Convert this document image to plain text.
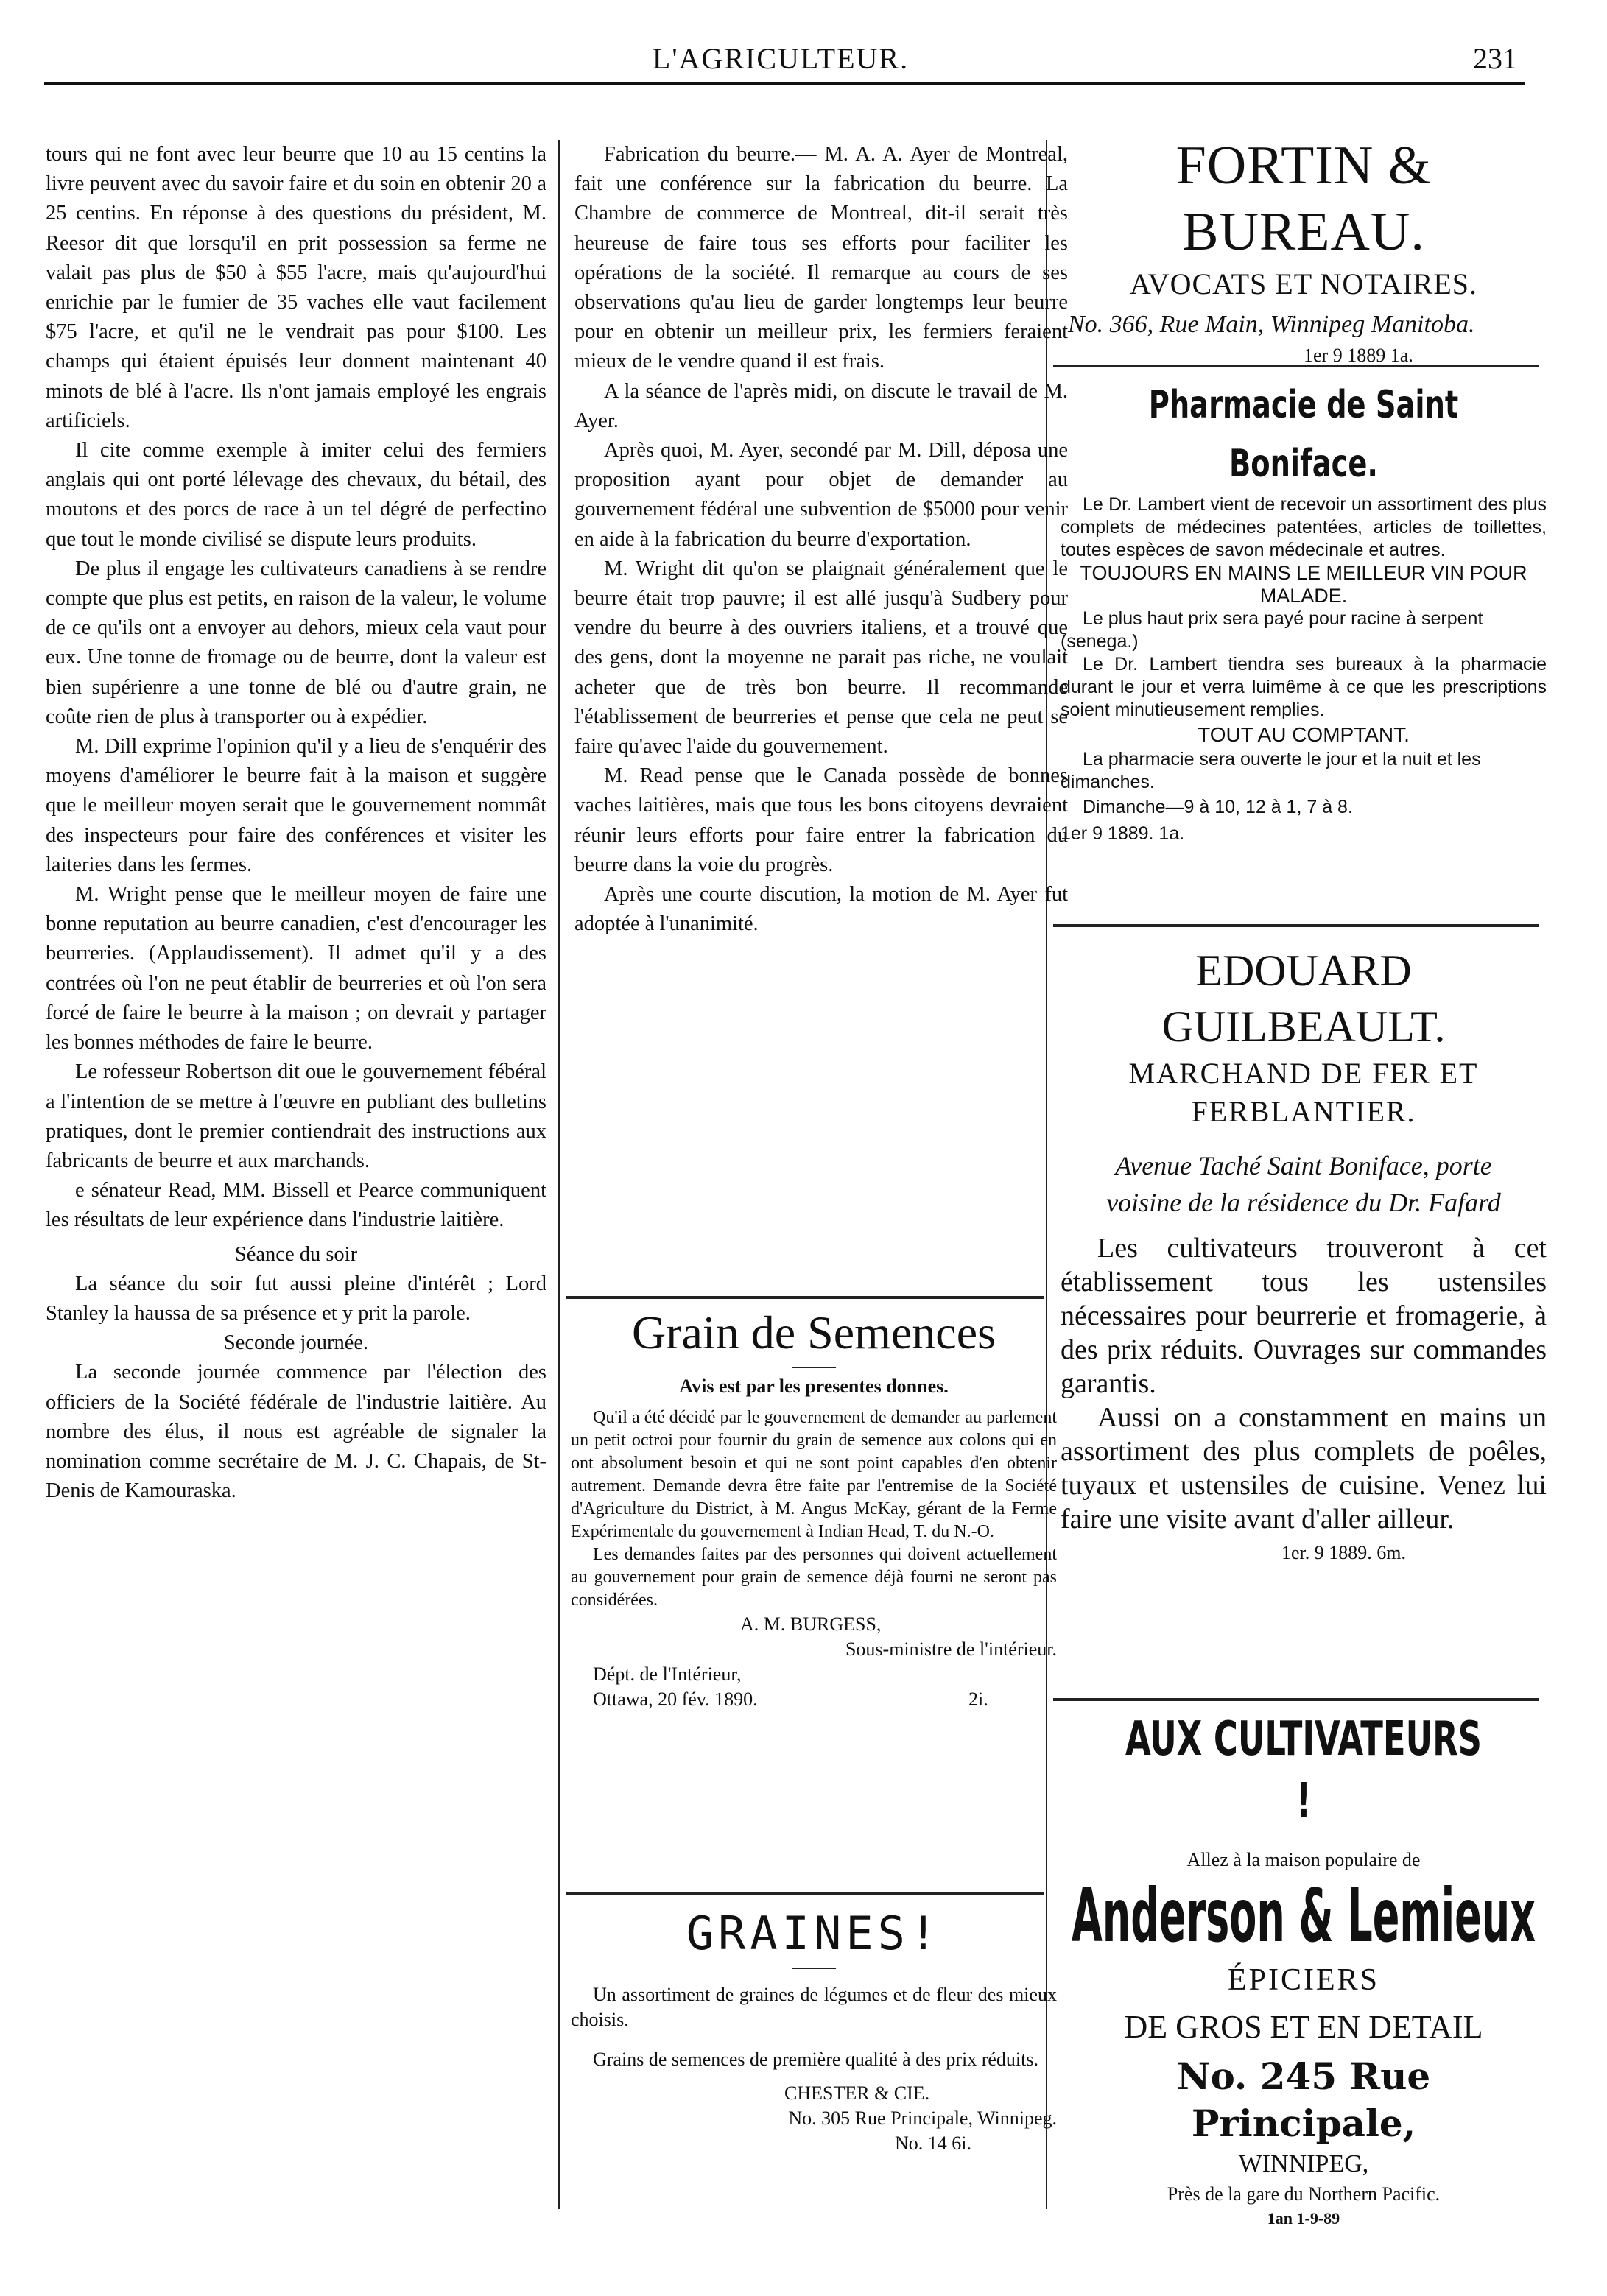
L'AGRICULTEUR.	231

tours qui ne font avec leur beurre que 10 au 15 centins la livre peuvent avec du savoir faire et du soin en obtenir 20 a 25 centins. En réponse à des questions du président, M. Reesor dit que lorsqu'il en prit possession sa ferme ne valait pas plus de $50 à $55 l'acre, mais qu'aujourd'hui enrichie par le fumier de 35 vaches elle vaut facilement $75 l'acre, et qu'il ne le vendrait pas pour $100. Les champs qui étaient épuisés leur donnent maintenant 40 minots de blé à l'acre. Ils n'ont jamais employé les engrais artificiels.

Il cite comme exemple à imiter celui des fermiers anglais qui ont porté lélevage des chevaux, du bétail, des moutons et des porcs de race à un tel dégré de perfectino que tout le monde civilisé se dispute leurs produits.

De plus il engage les cultivateurs canadiens à se rendre compte que plus est petits, en raison de la valeur, le volume de ce qu'ils ont a envoyer au dehors, mieux cela vaut pour eux. Une tonne de fromage ou de beurre, dont la valeur est bien supérienre a une tonne de blé ou d'autre grain, ne coûte rien de plus à transporter ou à expédier.

M. Dill exprime l'opinion qu'il y a lieu de s'enquérir des moyens d'améliorer le beurre fait à la maison et suggère que le meilleur moyen serait que le gouvernement nommât des inspecteurs pour faire des conférences et visiter les laiteries dans les fermes.

M. Wright pense que le meilleur moyen de faire une bonne reputation au beurre canadien, c'est d'encourager les beurreries. (Applaudissement). Il admet qu'il y a des contrées où l'on ne peut établir de beurreries et où l'on sera forcé de faire le beurre à la maison ; on devrait y partager les bonnes méthodes de faire le beurre.

Le rofesseur Robertson dit oue le gouvernement fébéral a l'intention de se mettre à l'œuvre en publiant des bulletins pratiques, dont le premier contiendrait des instructions aux fabricants de beurre et aux marchands.

e sénateur Read, MM. Bissell et Pearce communiquent les résultats de leur expérience dans l'industrie laitière.

Séance du soir

La séance du soir fut aussi pleine d'intérêt ; Lord Stanley la haussa de sa présence et y prit la parole.

Seconde journée.

La seconde journée commence par l'élection des officiers de la Société fédérale de l'industrie laitière. Au nombre des élus, il nous est agréable de signaler la nomination comme secrétaire de M. J. C. Chapais, de St- Denis de Kamouraska.

Fabrication du beurre.— M. A. A. Ayer de Montreal, fait une conférence sur la fabrication du beurre. La Chambre de commerce de Montreal, dit-il serait très heureuse de faire tous ses efforts pour faciliter les opérations de la société. Il remarque au cours de ses observations qu'au lieu de garder longtemps leur beurre pour en obtenir un meilleur prix, les fermiers feraient mieux de le vendre quand il est frais.

A la séance de l'après midi, on discute le travail de M. Ayer.

Après quoi, M. Ayer, secondé par M. Dill, déposa une proposition ayant pour objet de demander au gouvernement fédéral une subvention de $5000 pour venir en aide à la fabrication du beurre d'exportation.

M. Wright dit qu'on se plaignait généralement que le beurre était trop pauvre; il est allé jusqu'à Sudbery pour vendre du beurre à des ouvriers italiens, et a trouvé que des gens, dont la moyenne ne parait pas riche, ne voulait acheter que de très bon beurre. Il recommande l'établissement de beurreries et pense que cela ne peut se faire qu'avec l'aide du gouvernement.

M. Read pense que le Canada possède de bonnes vaches laitières, mais que tous les bons citoyens devraient réunir leurs efforts pour faire entrer la fabrication du beurre dans la voie du progrès.

Après une courte discution, la motion de M. Ayer fut adoptée à l'unanimité.

Grain de Semences
Avis est par les presentes donnes.
Qu'il a été décidé par le gouvernement de demander au parlement un petit octroi pour fournir du grain de semence aux colons qui en ont absolument besoin et qui ne sont point capables d'en obtenir autrement. Demande devra être faite par l'entremise de la Société d'Agriculture du District, à M. Angus McKay, gérant de la Ferme Expérimentale du gouvernement à Indian Head, T. du N.-O.
Les demandes faites par des personnes qui doivent actuellement au gouvernement pour grain de semence déjà fourni ne seront pas considérées.
A. M. BURGESS,
Sous-ministre de l'intérieur.
Dépt. de l'Intérieur,
Ottawa, 20 fév. 1890.	2i.
GRAINES!
Un assortiment de graines de légumes et de fleur des mieux choisis.
Grains de semences de première qualité à des prix réduits.
CHESTER & CIE.
No. 305 Rue Principale, Winnipeg.
No. 14 6i.
FORTIN & BUREAU.
AVOCATS ET NOTAIRES.
No. 366, Rue Main, Winnipeg Manitoba.
1er 9 1889 1a.
Pharmacie de Saint Boniface.
Le Dr. Lambert vient de recevoir un assortiment des plus complets de médecines patentées, articles de toillettes, toutes espèces de savon médecinale et autres.
TOUJOURS EN MAINS LE MEILLEUR VIN POUR MALADE.
Le plus haut prix sera payé pour racine à serpent (senega.)
Le Dr. Lambert tiendra ses bureaux à la pharmacie durant le jour et verra luimême à ce que les prescriptions soient minutieusement remplies.
TOUT AU COMPTANT.
La pharmacie sera ouverte le jour et la nuit et les dimanches.
Dimanche—9 à 10, 12 à 1, 7 à 8.
1er 9 1889. 1a.
EDOUARD GUILBEAULT.
MARCHAND DE FER ET FERBLANTIER.
Avenue Taché Saint Boniface, porte voisine de la résidence du Dr. Fafard
Les cultivateurs trouveront à cet établissement tous les ustensiles nécessaires pour beurrerie et fromagerie, à des prix réduits. Ouvrages sur commandes garantis.
Aussi on a constamment en mains un assortiment des plus complets de poêles, tuyaux et ustensiles de cuisine. Venez lui faire une visite avant d'aller ailleur.
1er. 9 1889. 6m.
AUX CULTIVATEURS !
Allez à la maison populaire de
Anderson & Lemieux
ÉPICIERS
DE GROS ET EN DETAIL
No. 245 Rue Principale,
WINNIPEG,
Près de la gare du Northern Pacific.
1an 1-9-89
